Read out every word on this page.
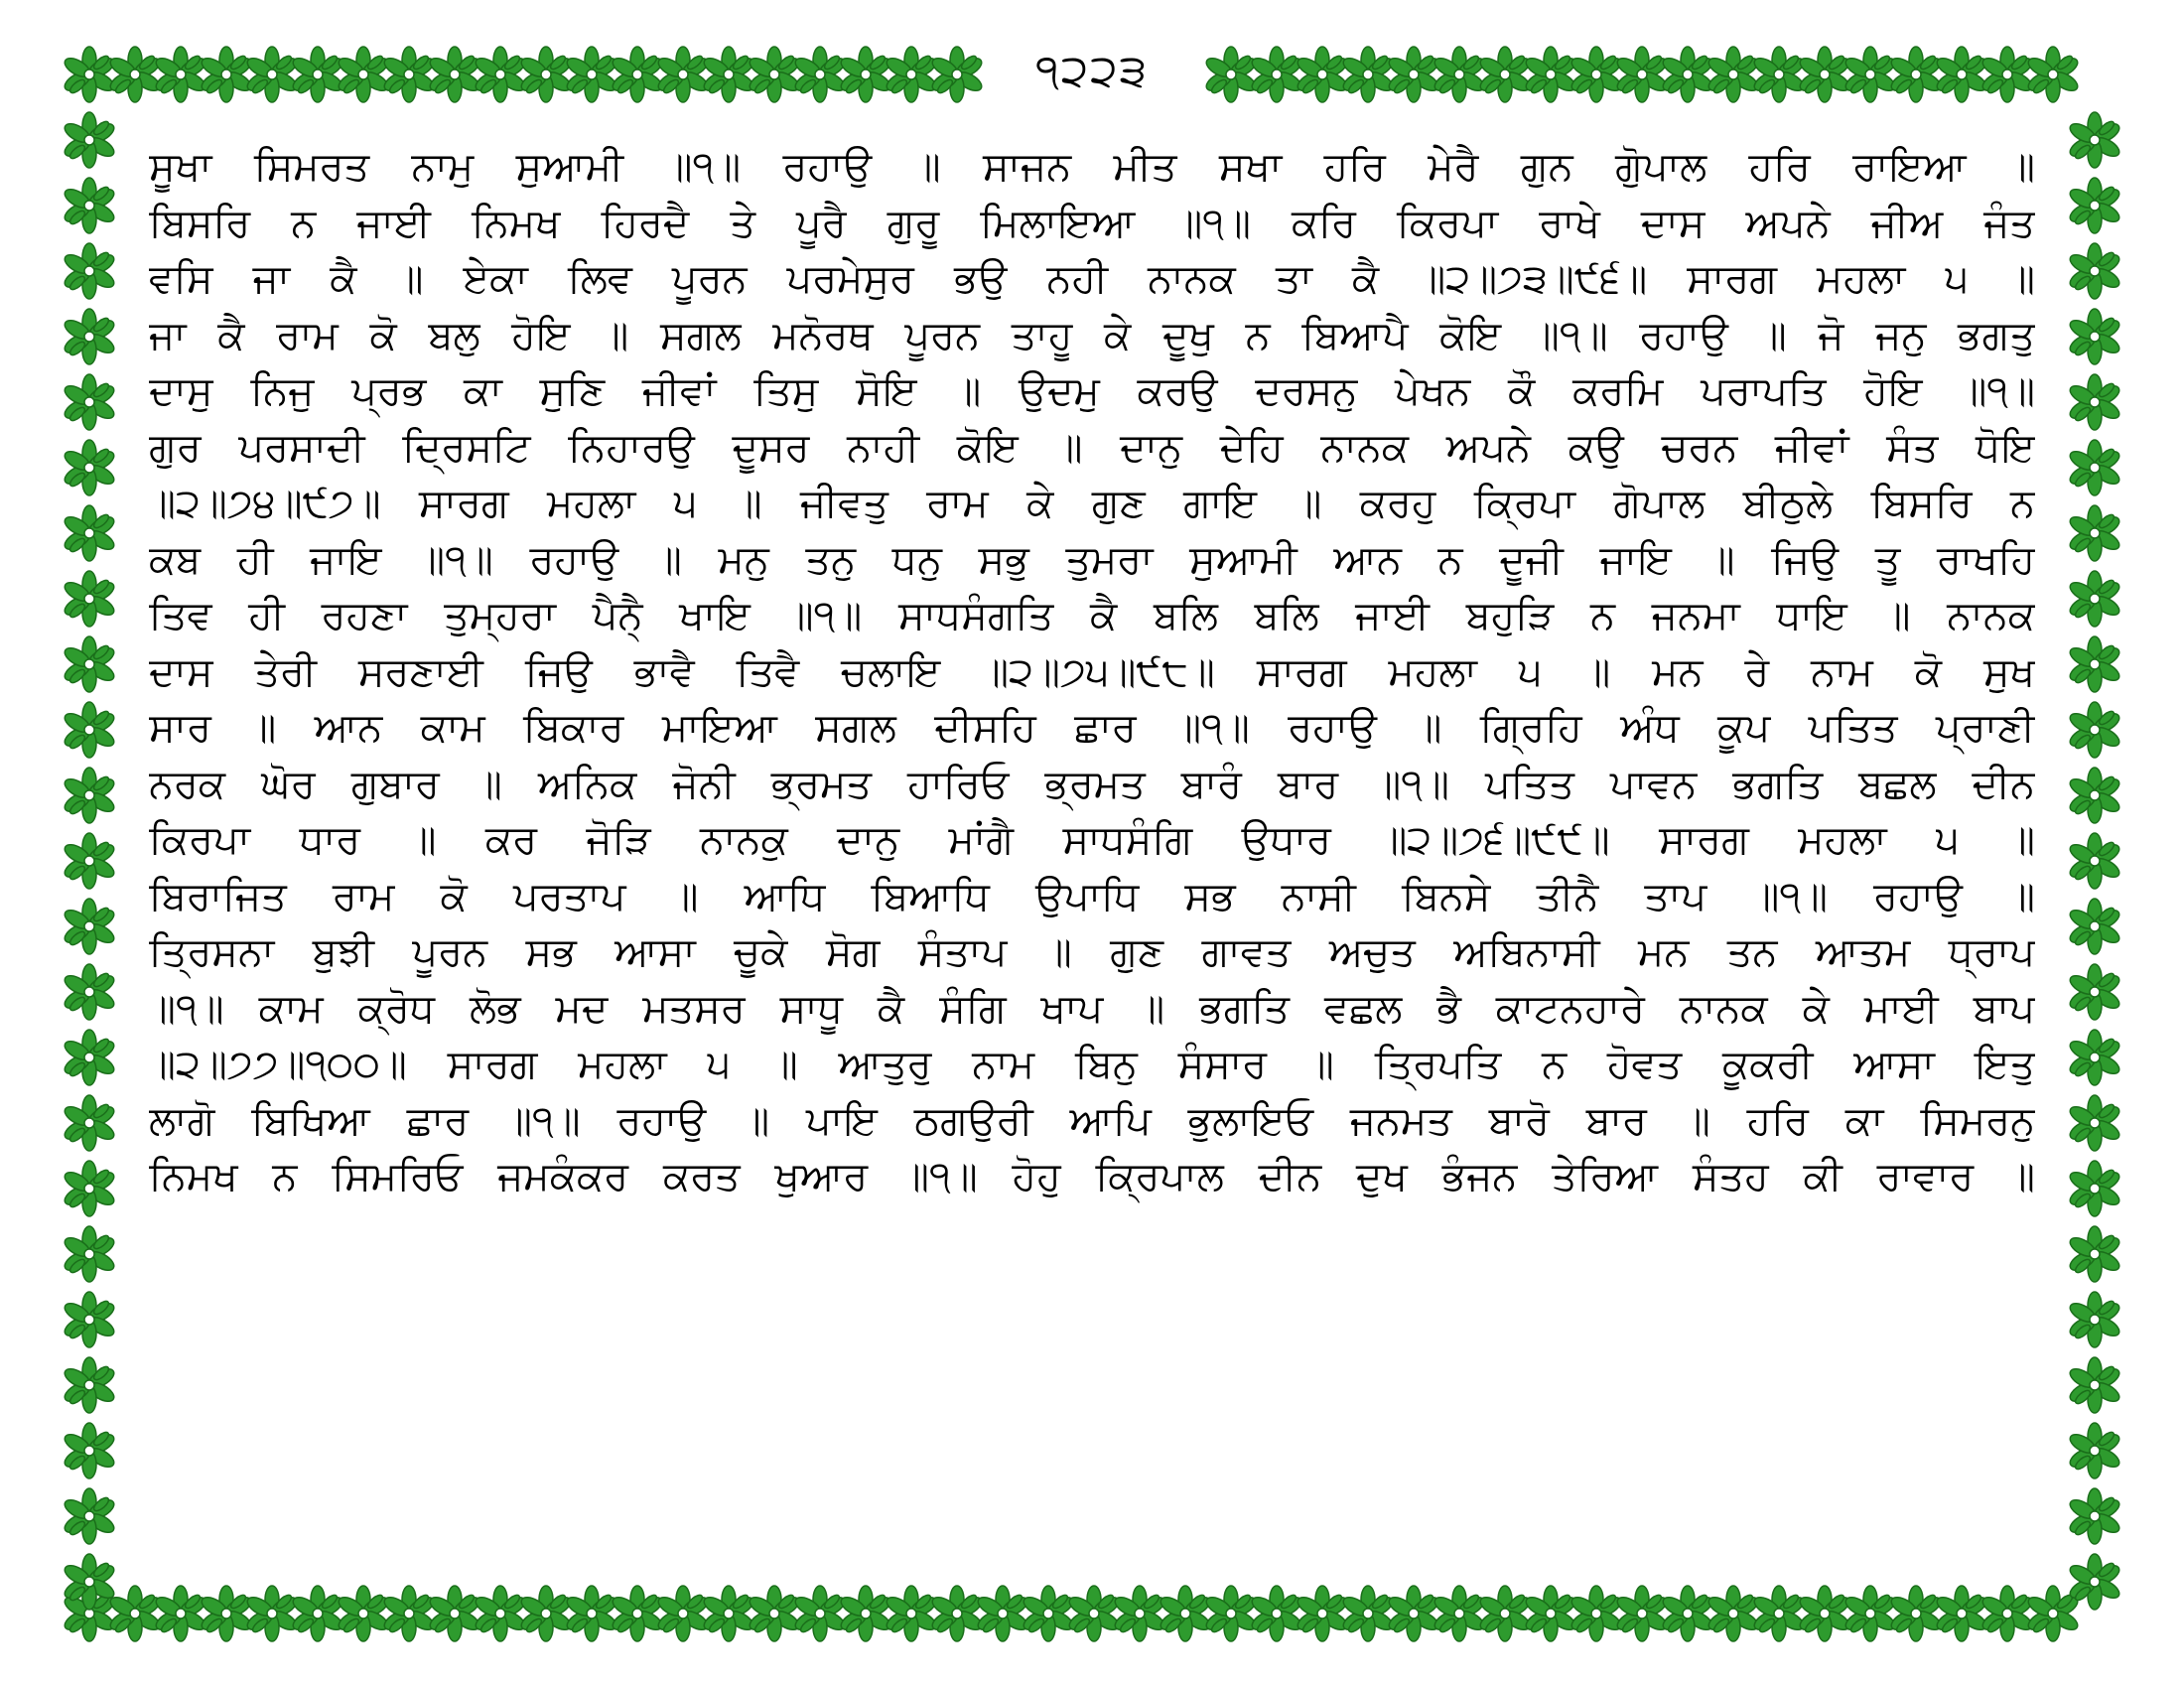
੧੨੨੩
ਸੂਖਾ ਸਿਮਰਤ ਨਾਮੁ ਸੁਆਮੀ ॥੧॥ ਰਹਾਉ ॥ ਸਾਜਨ ਮੀਤ ਸਖਾ ਹਰਿ ਮੇਰੈ ਗੁਨ ਗੁੋਪਾਲ ਹਰਿ ਰਾਇਆ ॥
ਬਿਸਰਿ ਨ ਜਾਈ ਨਿਮਖ ਹਿਰਦੈ ਤੇ ਪੂਰੈ ਗੁਰੂ ਮਿਲਾਇਆ ॥੧॥ ਕਰਿ ਕਿਰਪਾ ਰਾਖੇ ਦਾਸ ਅਪਨੇ ਜੀਅ ਜੰਤ
ਵਸਿ ਜਾ ਕੈ ॥ ਏਕਾ ਲਿਵ ਪੂਰਨ ਪਰਮੇਸੁਰ ਭਉ ਨਹੀ ਨਾਨਕ ਤਾ ਕੈ ॥੨॥੭੩॥੯੬॥ ਸਾਰਗ ਮਹਲਾ ੫ ॥
ਜਾ ਕੈ ਰਾਮ ਕੋ ਬਲੁ ਹੋਇ ॥ ਸਗਲ ਮਨੋਰਥ ਪੂਰਨ ਤਾਹੂ ਕੇ ਦੂਖੁ ਨ ਬਿਆਪੈ ਕੋਇ ॥੧॥ ਰਹਾਉ ॥ ਜੋ ਜਨੁ ਭਗਤੁ
ਦਾਸੁ ਨਿਜੁ ਪ੍ਰਭ ਕਾ ਸੁਣਿ ਜੀਵਾਂ ਤਿਸੁ ਸੋਇ ॥ ਉਦਮੁ ਕਰਉ ਦਰਸਨੁ ਪੇਖਨ ਕੌ ਕਰਮਿ ਪਰਾਪਤਿ ਹੋਇ ॥੧॥
ਗੁਰ ਪਰਸਾਦੀ ਦ੍ਰਿਸਟਿ ਨਿਹਾਰਉ ਦੂਸਰ ਨਾਹੀ ਕੋਇ ॥ ਦਾਨੁ ਦੇਹਿ ਨਾਨਕ ਅਪਨੇ ਕਉ ਚਰਨ ਜੀਵਾਂ ਸੰਤ ਧੋਇ
॥੨॥੭੪॥੯੭॥ ਸਾਰਗ ਮਹਲਾ ੫ ॥ ਜੀਵਤੁ ਰਾਮ ਕੇ ਗੁਣ ਗਾਇ ॥ ਕਰਹੁ ਕ੍ਰਿਪਾ ਗੋਪਾਲ ਬੀਠੁਲੇ ਬਿਸਰਿ ਨ
ਕਬ ਹੀ ਜਾਇ ॥੧॥ ਰਹਾਉ ॥ ਮਨੁ ਤਨੁ ਧਨੁ ਸਭੁ ਤੁਮਰਾ ਸੁਆਮੀ ਆਨ ਨ ਦੂਜੀ ਜਾਇ ॥ ਜਿਉ ਤੂ ਰਾਖਹਿ
ਤਿਵ ਹੀ ਰਹਣਾ ਤੁਮ੍ਹਰਾ ਪੈਨੈ੍ ਖਾਇ ॥੧॥ ਸਾਧਸੰਗਤਿ ਕੈ ਬਲਿ ਬਲਿ ਜਾਈ ਬਹੁੜਿ ਨ ਜਨਮਾ ਧਾਇ ॥ ਨਾਨਕ
ਦਾਸ ਤੇਰੀ ਸਰਣਾਈ ਜਿਉ ਭਾਵੈ ਤਿਵੈ ਚਲਾਇ ॥੨॥੭੫॥੯੮॥ ਸਾਰਗ ਮਹਲਾ ੫ ॥ ਮਨ ਰੇ ਨਾਮ ਕੋ ਸੁਖ
ਸਾਰ ॥ ਆਨ ਕਾਮ ਬਿਕਾਰ ਮਾਇਆ ਸਗਲ ਦੀਸਹਿ ਛਾਰ ॥੧॥ ਰਹਾਉ ॥ ਗ੍ਰਿਹਿ ਅੰਧ ਕੂਪ ਪਤਿਤ ਪ੍ਰਾਣੀ
ਨਰਕ ਘੋਰ ਗੁਬਾਰ ॥ ਅਨਿਕ ਜੋਨੀ ਭ੍ਰਮਤ ਹਾਰਿਓ ਭ੍ਰਮਤ ਬਾਰੰ ਬਾਰ ॥੧॥ ਪਤਿਤ ਪਾਵਨ ਭਗਤਿ ਬਛਲ ਦੀਨ
ਕਿਰਪਾ ਧਾਰ ॥ ਕਰ ਜੋੜਿ ਨਾਨਕੁ ਦਾਨੁ ਮਾਂਗੈ ਸਾਧਸੰਗਿ ਉਧਾਰ ॥੨॥੭੬॥੯੯॥ ਸਾਰਗ ਮਹਲਾ ੫ ॥
ਬਿਰਾਜਿਤ ਰਾਮ ਕੋ ਪਰਤਾਪ ॥ ਆਧਿ ਬਿਆਧਿ ਉਪਾਧਿ ਸਭ ਨਾਸੀ ਬਿਨਸੇ ਤੀਨੈ ਤਾਪ ॥੧॥ ਰਹਾਉ ॥
ਤ੍ਰਿਸਨਾ ਬੁਝੀ ਪੂਰਨ ਸਭ ਆਸਾ ਚੂਕੇ ਸੋਗ ਸੰਤਾਪ ॥ ਗੁਣ ਗਾਵਤ ਅਚੁਤ ਅਬਿਨਾਸੀ ਮਨ ਤਨ ਆਤਮ ਧ੍ਰਾਪ
॥੧॥ ਕਾਮ ਕ੍ਰੋਧ ਲੋਭ ਮਦ ਮਤਸਰ ਸਾਧੂ ਕੈ ਸੰਗਿ ਖਾਪ ॥ ਭਗਤਿ ਵਛਲ ਭੈ ਕਾਟਨਹਾਰੇ ਨਾਨਕ ਕੇ ਮਾਈ ਬਾਪ
॥੨॥੭੭॥੧੦੦॥ ਸਾਰਗ ਮਹਲਾ ੫ ॥ ਆਤੁਰੁ ਨਾਮ ਬਿਨੁ ਸੰਸਾਰ ॥ ਤ੍ਰਿਪਤਿ ਨ ਹੋਵਤ ਕੂਕਰੀ ਆਸਾ ਇਤੁ
ਲਾਗੋ ਬਿਖਿਆ ਛਾਰ ॥੧॥ ਰਹਾਉ ॥ ਪਾਇ ਠਗਉਰੀ ਆਪਿ ਭੁਲਾਇਓ ਜਨਮਤ ਬਾਰੋ ਬਾਰ ॥ ਹਰਿ ਕਾ ਸਿਮਰਨੁ
ਨਿਮਖ ਨ ਸਿਮਰਿਓ ਜਮਕੰਕਰ ਕਰਤ ਖੁਆਰ ॥੧॥ ਹੋਹੁ ਕ੍ਰਿਪਾਲ ਦੀਨ ਦੁਖ ਭੰਜਨ ਤੇਰਿਆ ਸੰਤਹ ਕੀ ਰਾਵਾਰ ॥
